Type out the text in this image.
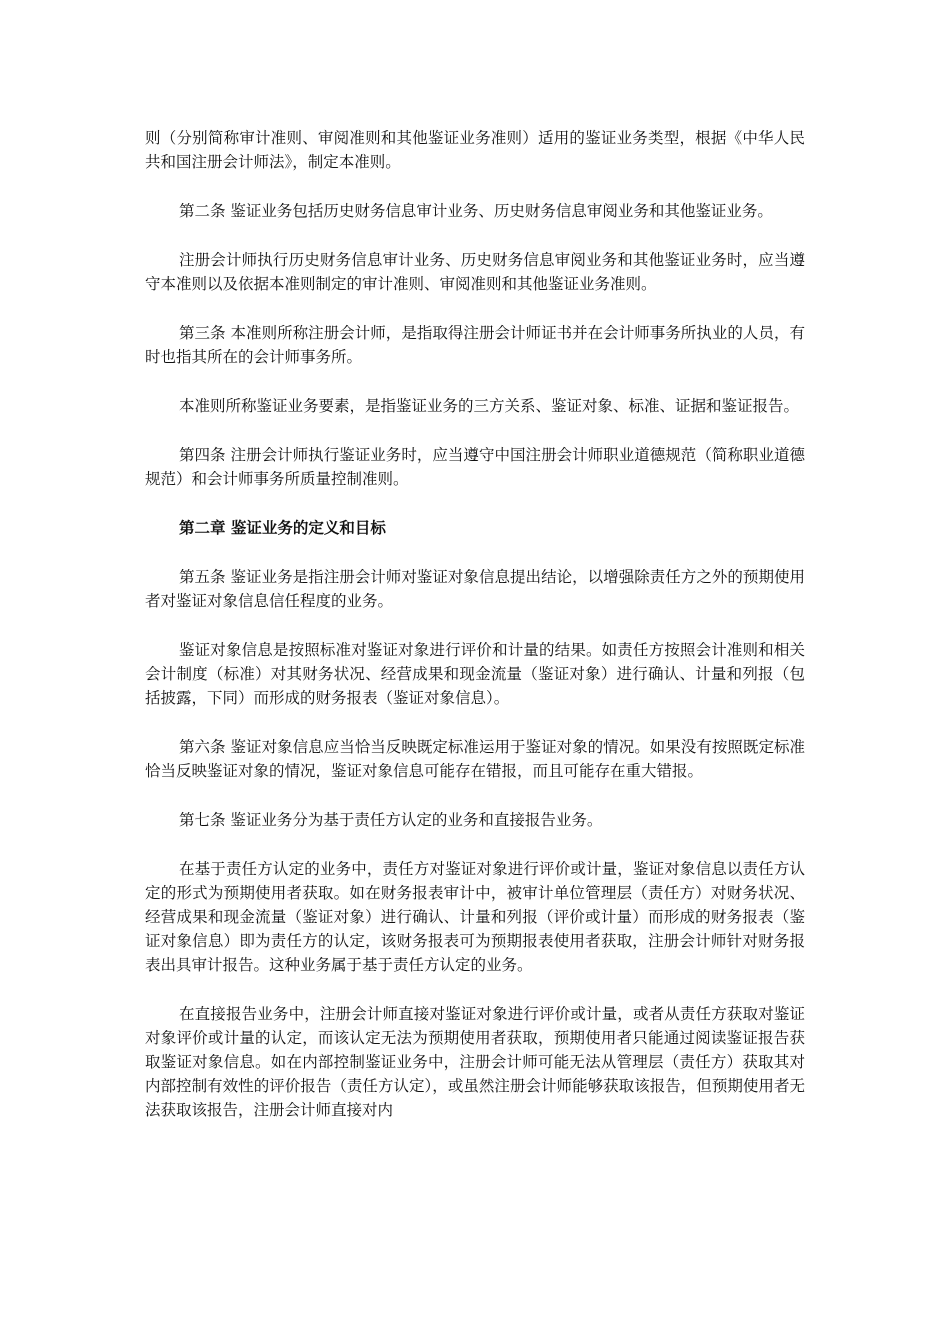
则（分别简称审计准则、审阅准则和其他鉴证业务准则）适用的鉴证业务类型，根据《中华人民共和国注册会计师法》，制定本准则。

第二条 鉴证业务包括历史财务信息审计业务、历史财务信息审阅业务和其他鉴证业务。

注册会计师执行历史财务信息审计业务、历史财务信息审阅业务和其他鉴证业务时，应当遵守本准则以及依据本准则制定的审计准则、审阅准则和其他鉴证业务准则。

第三条 本准则所称注册会计师，是指取得注册会计师证书并在会计师事务所执业的人员，有时也指其所在的会计师事务所。

本准则所称鉴证业务要素，是指鉴证业务的三方关系、鉴证对象、标准、证据和鉴证报告。

第四条 注册会计师执行鉴证业务时，应当遵守中国注册会计师职业道德规范（简称职业道德规范）和会计师事务所质量控制准则。

第二章 鉴证业务的定义和目标

第五条 鉴证业务是指注册会计师对鉴证对象信息提出结论，以增强除责任方之外的预期使用者对鉴证对象信息信任程度的业务。

鉴证对象信息是按照标准对鉴证对象进行评价和计量的结果。如责任方按照会计准则和相关会计制度（标准）对其财务状况、经营成果和现金流量（鉴证对象）进行确认、计量和列报（包括披露，下同）而形成的财务报表（鉴证对象信息）。

第六条 鉴证对象信息应当恰当反映既定标准运用于鉴证对象的情况。如果没有按照既定标准恰当反映鉴证对象的情况，鉴证对象信息可能存在错报，而且可能存在重大错报。

第七条 鉴证业务分为基于责任方认定的业务和直接报告业务。

在基于责任方认定的业务中，责任方对鉴证对象进行评价或计量，鉴证对象信息以责任方认定的形式为预期使用者获取。如在财务报表审计中，被审计单位管理层（责任方）对财务状况、经营成果和现金流量（鉴证对象）进行确认、计量和列报（评价或计量）而形成的财务报表（鉴证对象信息）即为责任方的认定，该财务报表可为预期报表使用者获取，注册会计师针对财务报表出具审计报告。这种业务属于基于责任方认定的业务。

在直接报告业务中，注册会计师直接对鉴证对象进行评价或计量，或者从责任方获取对鉴证对象评价或计量的认定，而该认定无法为预期使用者获取，预期使用者只能通过阅读鉴证报告获取鉴证对象信息。如在内部控制鉴证业务中，注册会计师可能无法从管理层（责任方）获取其对内部控制有效性的评价报告（责任方认定），或虽然注册会计师能够获取该报告，但预期使用者无法获取该报告，注册会计师直接对内
